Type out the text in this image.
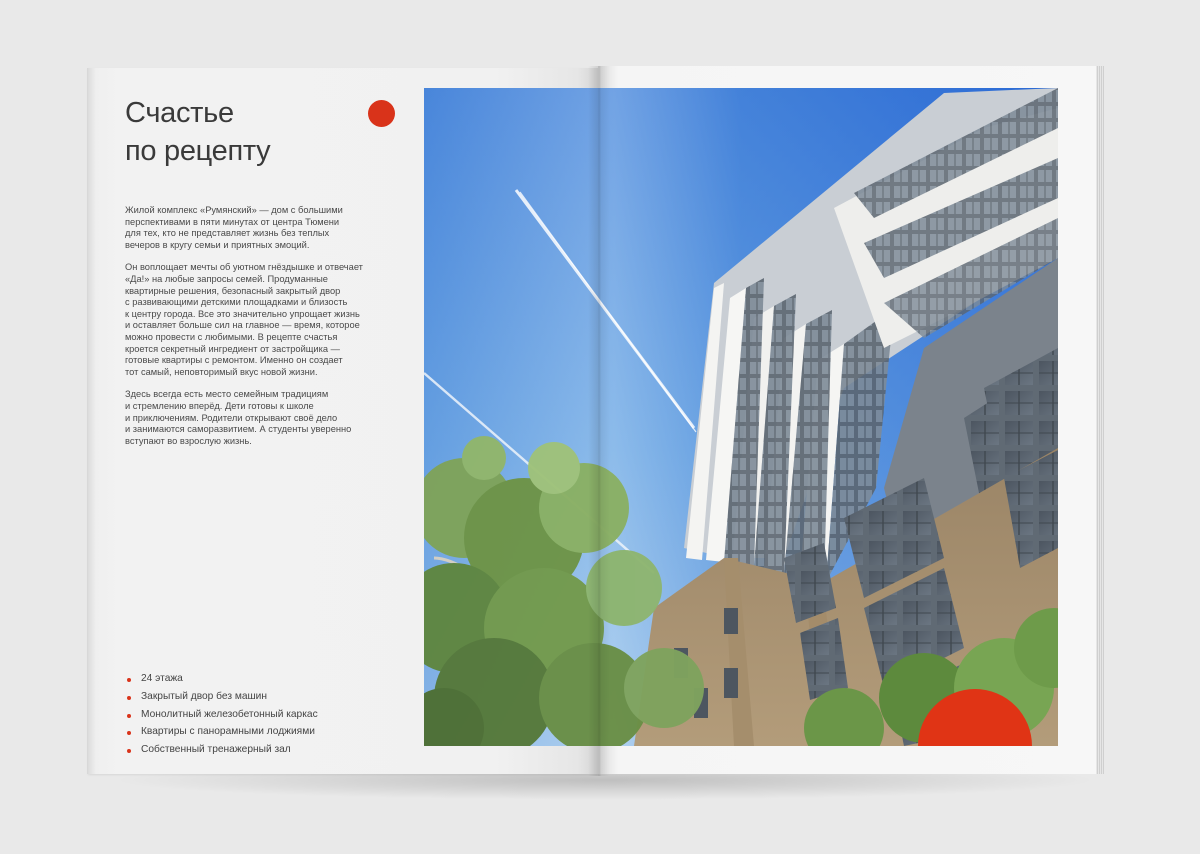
Счастье
по рецепту

Жилой комплекс «Румянский» — дом с большими
перспективами в пяти минутах от центра Тюмени
для тех, кто не представляет жизнь без теплых
вечеров в кругу семьи и приятных эмоций.

Он воплощает мечты об уютном гнёздышке и отвечает
«Да!» на любые запросы семей. Продуманные
квартирные решения, безопасный закрытый двор
с развивающими детскими площадками и близость
к центру города. Все это значительно упрощает жизнь
и оставляет больше сил на главное — время, которое
можно провести с любимыми. В рецепте счастья
кроется секретный ингредиент от застройщика —
готовые квартиры с ремонтом. Именно он создает
тот самый, неповторимый вкус новой жизни.

Здесь всегда есть место семейным традициям
и стремлению вперёд. Дети готовы к школе
и приключениям. Родители открывают своё дело
и занимаются саморазвитием. А студенты уверенно
вступают во взрослую жизнь.

24 этажа
Закрытый двор без машин
Монолитный железобетонный каркас
Квартиры с панорамными лоджиями
Собственный тренажерный зал
